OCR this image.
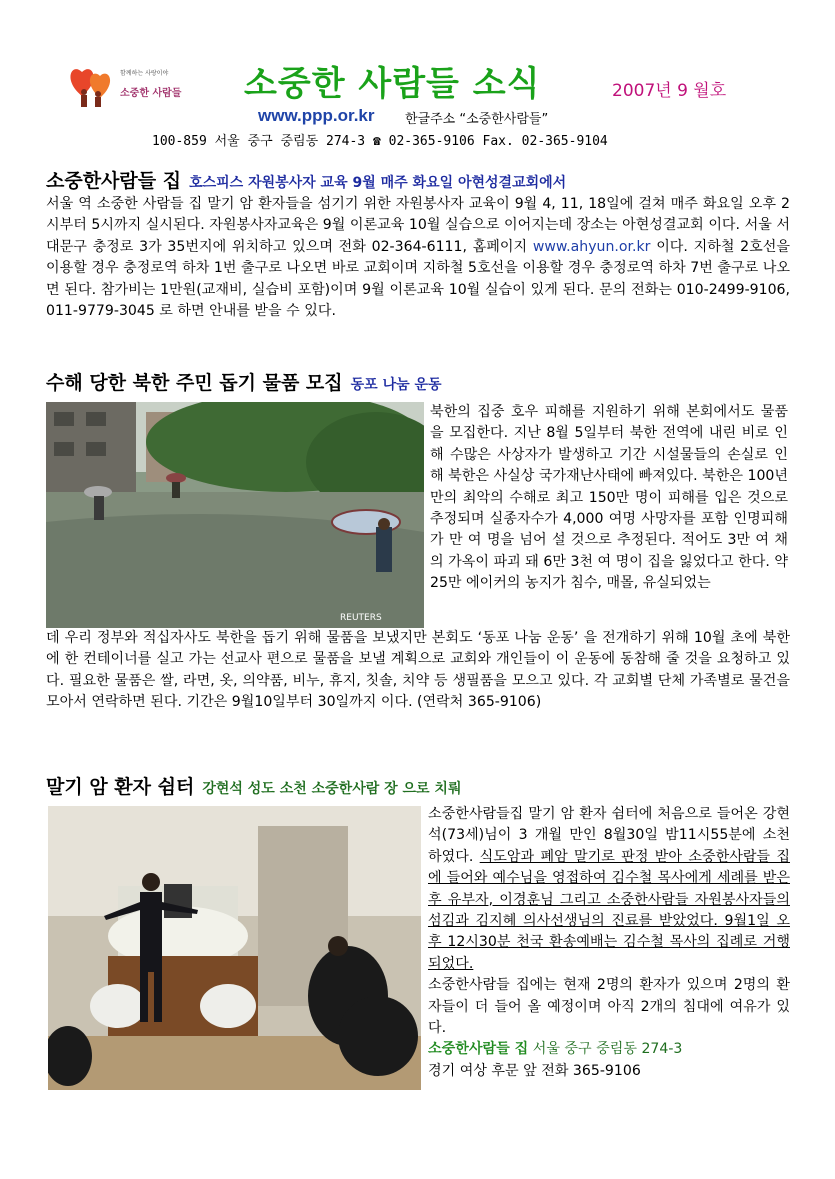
함께하는 사랑이야
소중한 사람들 소중한 사람들 소식	2007년 9 월호
www.ppp.or.kr 한글주소 “소중한사람들”
100-859 서울 중구 중림동 274-3 ☎ 02-365-9106 Fax. 02-365-9104
소중한사람들 집 호스피스 자원봉사자 교육 9월 매주 화요일 아현성결교회에서
서울 역 소중한 사람들 집 말기 암 환자들을 섬기기 위한 자원봉사자 교육이 9월 4, 11, 18일에 걸쳐 매주 화요일 오후 2시부터 5시까지 실시된다. 자원봉사자교육은 9월 이론교육 10월 실습으로 이어지는데 장소는 아현성결교회 이다. 서울 서대문구 충정로 3가 35번지에 위치하고 있으며 전화 02-364-6111, 홈페이지 www.ahyun.or.kr 이다. 지하철 2호선을 이용할 경우 충정로역 하차 1번 출구로 나오면 바로 교회이며 지하철 5호선을 이용할 경우 충정로역 하차 7번 출구로 나오면 된다. 참가비는 1만원(교재비, 실습비 포함)이며 9월 이론교육 10월 실습이 있게 된다. 문의 전화는 010-2499-9106, 011-9779-3045 로 하면 안내를 받을 수 있다.
수해 당한 북한 주민 돕기 물품 모집 동포 나눔 운동
REUTERS
북한의 집중 호우 피해를 지원하기 위해 본회에서도 물품을 모집한다. 지난 8월 5일부터 북한 전역에 내린 비로 인해 수많은 사상자가 발생하고 기간 시설물들의 손실로 인해 북한은 사실상 국가재난사태에 빠져있다. 북한은 100년만의 최악의 수해로 최고 150만 명이 피해를 입은 것으로 추정되며 실종자수가 4,000 여명 사망자를 포함 인명피해가 만 여 명을 넘어 설 것으로 추정된다. 적어도 3만 여 채의 가옥이 파괴 돼 6만 3천 여 명이 집을 잃었다고 한다. 약 25만 에이커의 농지가 침수, 매몰, 유실되었는
데 우리 정부와 적십자사도 북한을 돕기 위해 물품을 보냈지만 본회도 ‘동포 나눔 운동’ 을 전개하기 위해 10월 초에 북한에 한 컨테이너를 실고 가는 선교사 편으로 물품을 보낼 계획으로 교회와 개인들이 이 운동에 동참해 줄 것을 요청하고 있다. 필요한 물품은 쌀, 라면, 옷, 의약품, 비누, 휴지, 칫솔, 치약 등 생필품을 모으고 있다. 각 교회별 단체 가족별로 물건을 모아서 연락하면 된다. 기간은 9월10일부터 30일까지 이다. (연락처 365-9106)
말기 암 환자 쉼터 강현석 성도 소천 소중한사람 장 으로 치뤄
소중한사람들집 말기 암 환자 쉼터에 처음으로 들어온 강현석(73세)님이 3 개월 만인 8월30일 밤11시55분에 소천 하였다. 식도암과 폐암 말기로 판정 받아 소중한사람들 집에 들어와 예수님을 영접하여 김수철 목사에게 세례를 받은 후 유부자, 이경훈님 그리고 소중한사람들 자원봉사자들의 섬김과 김지혜 의사선생님의 진료를 받았었다. 9월1일 오후 12시30분 천국 환송예배는 김수철 목사의 집례로 거행 되었다.
소중한사람들 집에는 현재 2명의 환자가 있으며 2명의 환자들이 더 들어 올 예정이며 아직 2개의 침대에 여유가 있다.
소중한사람들 집 서울 중구 중림동 274-3
경기 여상 후문 앞 전화 365-9106
